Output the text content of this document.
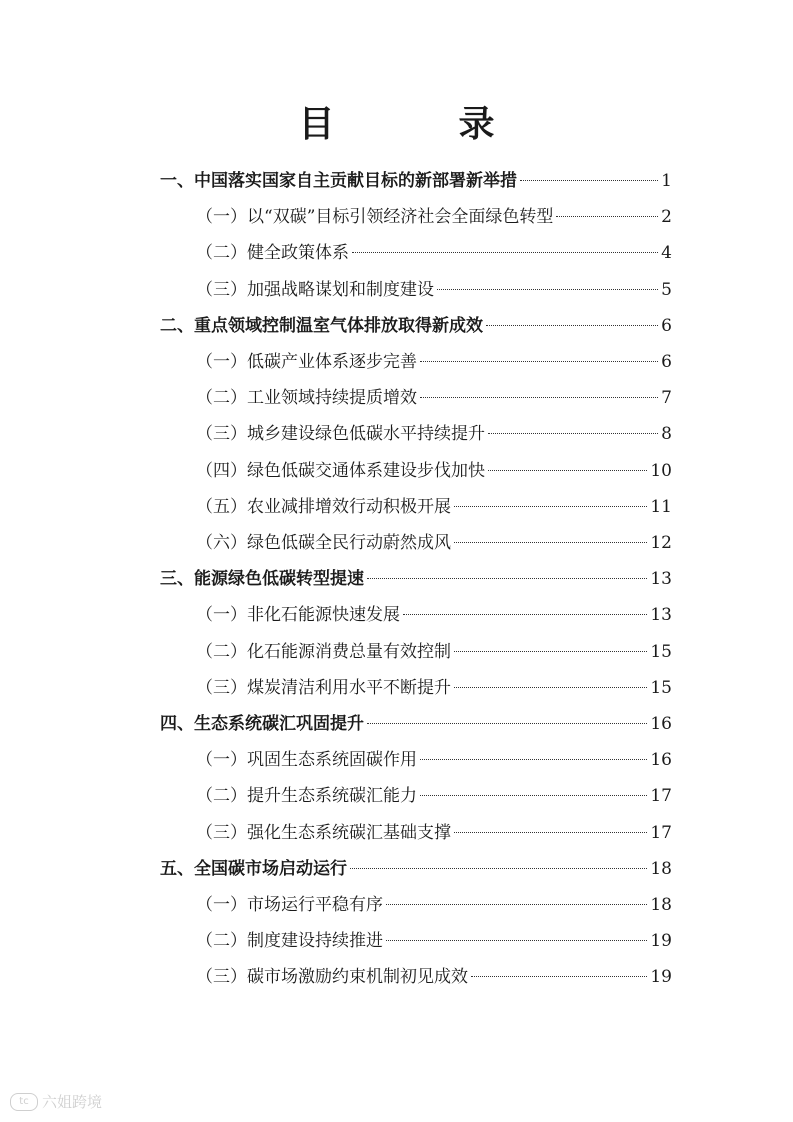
目　录
一、中国落实国家自主贡献目标的新部署新举措	1
（一）以“双碳”目标引领经济社会全面绿色转型	2
（二）健全政策体系	4
（三）加强战略谋划和制度建设	5
二、重点领域控制温室气体排放取得新成效	6
（一）低碳产业体系逐步完善	6
（二）工业领域持续提质增效	7
（三）城乡建设绿色低碳水平持续提升	8
（四）绿色低碳交通体系建设步伐加快	10
（五）农业减排增效行动积极开展	11
（六）绿色低碳全民行动蔚然成风	12
三、能源绿色低碳转型提速	13
（一）非化石能源快速发展	13
（二）化石能源消费总量有效控制	15
（三）煤炭清洁利用水平不断提升	15
四、生态系统碳汇巩固提升	16
（一）巩固生态系统固碳作用	16
（二）提升生态系统碳汇能力	17
（三）强化生态系统碳汇基础支撑	17
五、全国碳市场启动运行	18
（一）市场运行平稳有序	18
（二）制度建设持续推进	19
（三）碳市场激励约束机制初见成效	19
tc 六姐跨境
